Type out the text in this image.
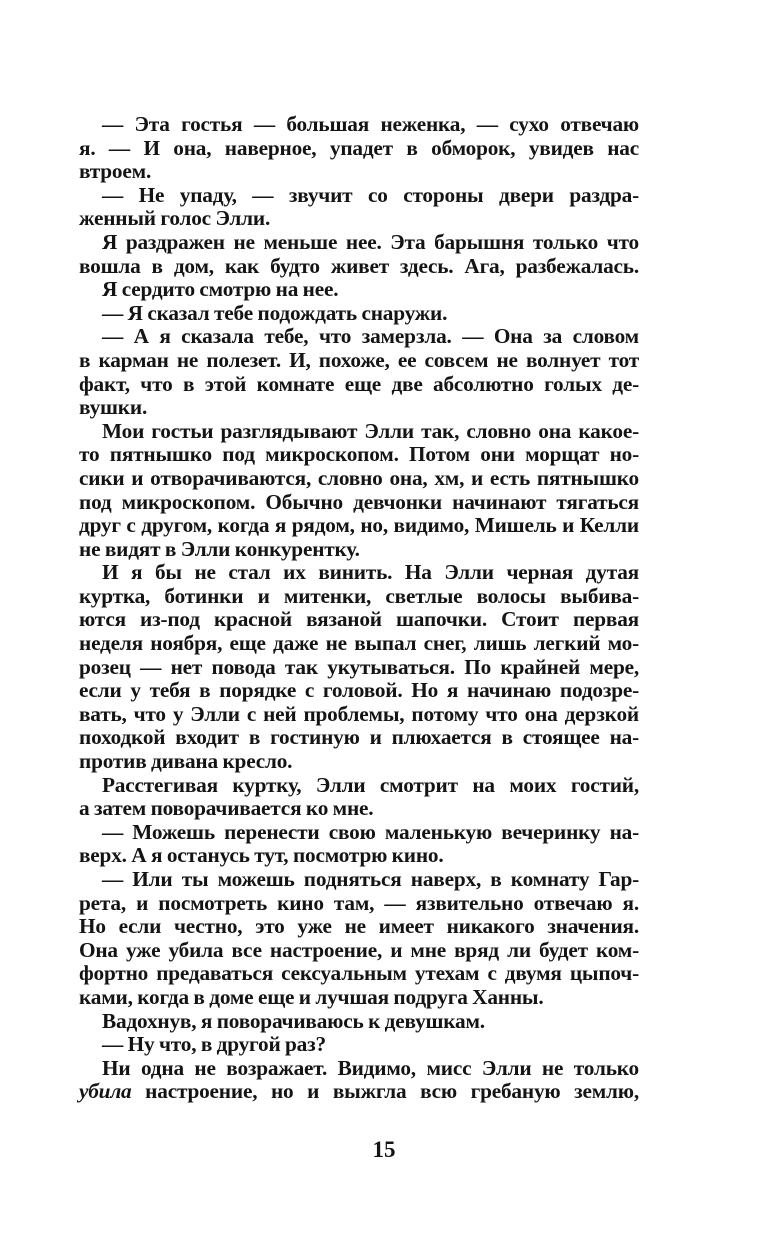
— Эта гостья — большая неженка, — сухо отвечаю
я. — И она, наверное, упадет в обморок, увидев нас
втроем.
— Не упаду, — звучит со стороны двери раздра-
женный голос Элли.
Я раздражен не меньше нее. Эта барышня только что
вошла в дом, как будто живет здесь. Ага, разбежалась.
Я сердито смотрю на нее.
— Я сказал тебе подождать снаружи.
— А я сказала тебе, что замерзла. — Она за словом
в карман не полезет. И, похоже, ее совсем не волнует тот
факт, что в этой комнате еще две абсолютно голых де-
вушки.
Мои гостьи разглядывают Элли так, словно она какое-
то пятнышко под микроскопом. Потом они морщат но-
сики и отворачиваются, словно она, хм, и есть пятнышко
под микроскопом. Обычно девчонки начинают тягаться
друг с другом, когда я рядом, но, видимо, Мишель и Келли
не видят в Элли конкурентку.
И я бы не стал их винить. На Элли черная дутая
куртка, ботинки и митенки, светлые волосы выбива-
ются из-под красной вязаной шапочки. Стоит первая
неделя ноября, еще даже не выпал снег, лишь легкий мо-
розец — нет повода так укутываться. По крайней мере,
если у тебя в порядке с головой. Но я начинаю подозре-
вать, что у Элли с ней проблемы, потому что она дерзкой
походкой входит в гостиную и плюхается в стоящее на-
против дивана кресло.
Расстегивая куртку, Элли смотрит на моих гостий,
а затем поворачивается ко мне.
— Можешь перенести свою маленькую вечеринку на-
верх. А я останусь тут, посмотрю кино.
— Или ты можешь подняться наверх, в комнату Гар-
рета, и посмотреть кино там, — язвительно отвечаю я.
Но если честно, это уже не имеет никакого значения.
Она уже убила все настроение, и мне вряд ли будет ком-
фортно предаваться сексуальным утехам с двумя цыпоч-
ками, когда в доме еще и лучшая подруга Ханны.
Вадохнув, я поворачиваюсь к девушкам.
— Ну что, в другой раз?
Ни одна не возражает. Видимо, мисс Элли не только
убила настроение, но и выжгла всю гребаную землю,
15
